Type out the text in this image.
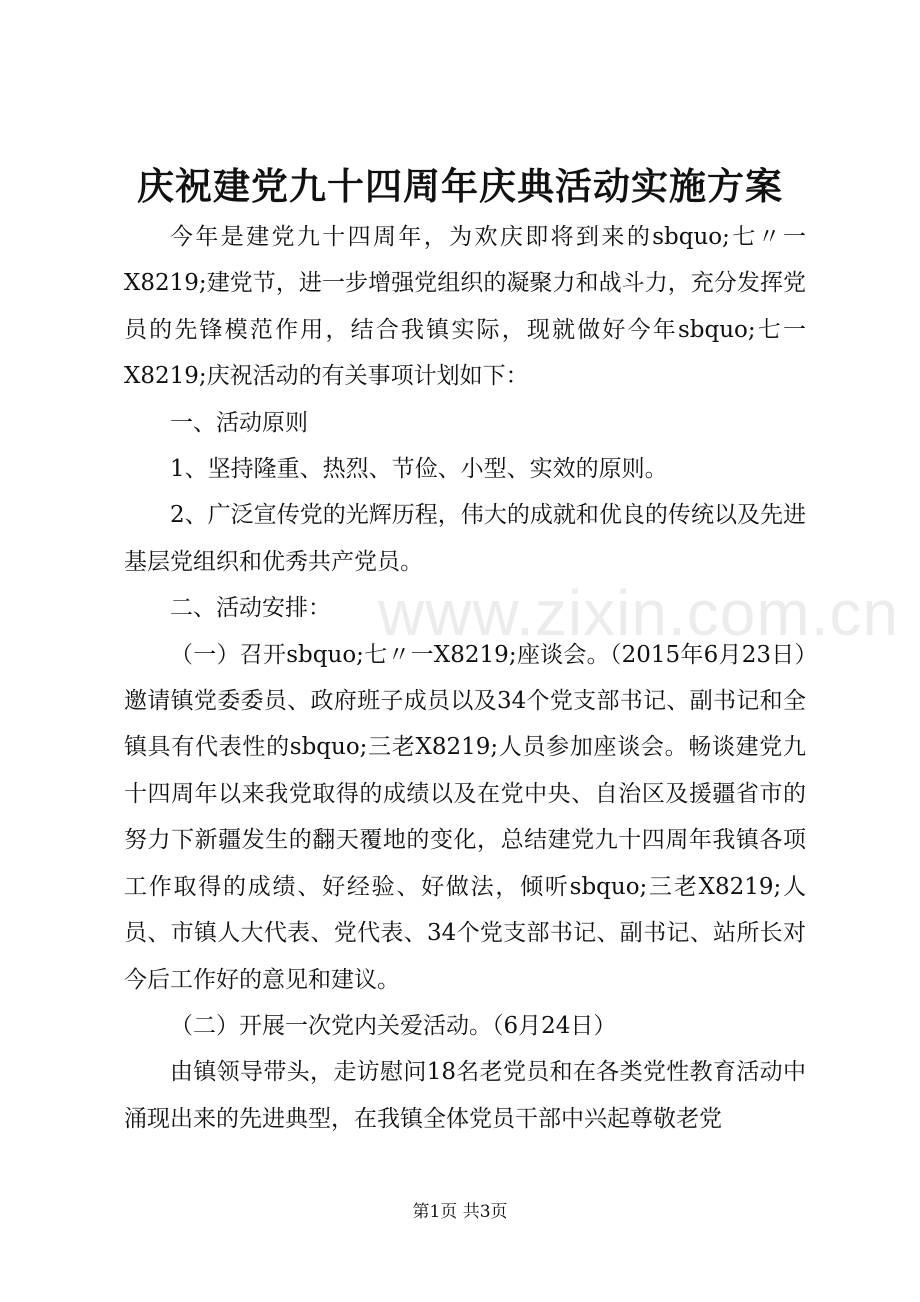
庆祝建党九十四周年庆典活动实施方案

今年是建党九十四周年，为欢庆即将到来的sbquo;七〃一X8219;建党节，进一步增强党组织的凝聚力和战斗力，充分发挥党员的先锋模范作用，结合我镇实际，现就做好今年sbquo;七一X8219;庆祝活动的有关事项计划如下：

一、活动原则

1、坚持隆重、热烈、节俭、小型、实效的原则。

2、广泛宣传党的光辉历程，伟大的成就和优良的传统以及先进基层党组织和优秀共产党员。

二、活动安排：

（一）召开sbquo;七〃一X8219;座谈会。（2015年6月23日）邀请镇党委委员、政府班子成员以及34个党支部书记、副书记和全镇具有代表性的sbquo;三老X8219;人员参加座谈会。畅谈建党九十四周年以来我党取得的成绩以及在党中央、自治区及援疆省市的努力下新疆发生的翻天覆地的变化，总结建党九十四周年我镇各项工作取得的成绩、好经验、好做法，倾听sbquo;三老X8219;人员、市镇人大代表、党代表、34个党支部书记、副书记、站所长对今后工作好的意见和建议。

（二）开展一次党内关爱活动。（6月24日）

由镇领导带头，走访慰问18名老党员和在各类党性教育活动中涌现出来的先进典型，在我镇全体党员干部中兴起尊敬老党

www.zixin.com.cn
第1页 共3页
